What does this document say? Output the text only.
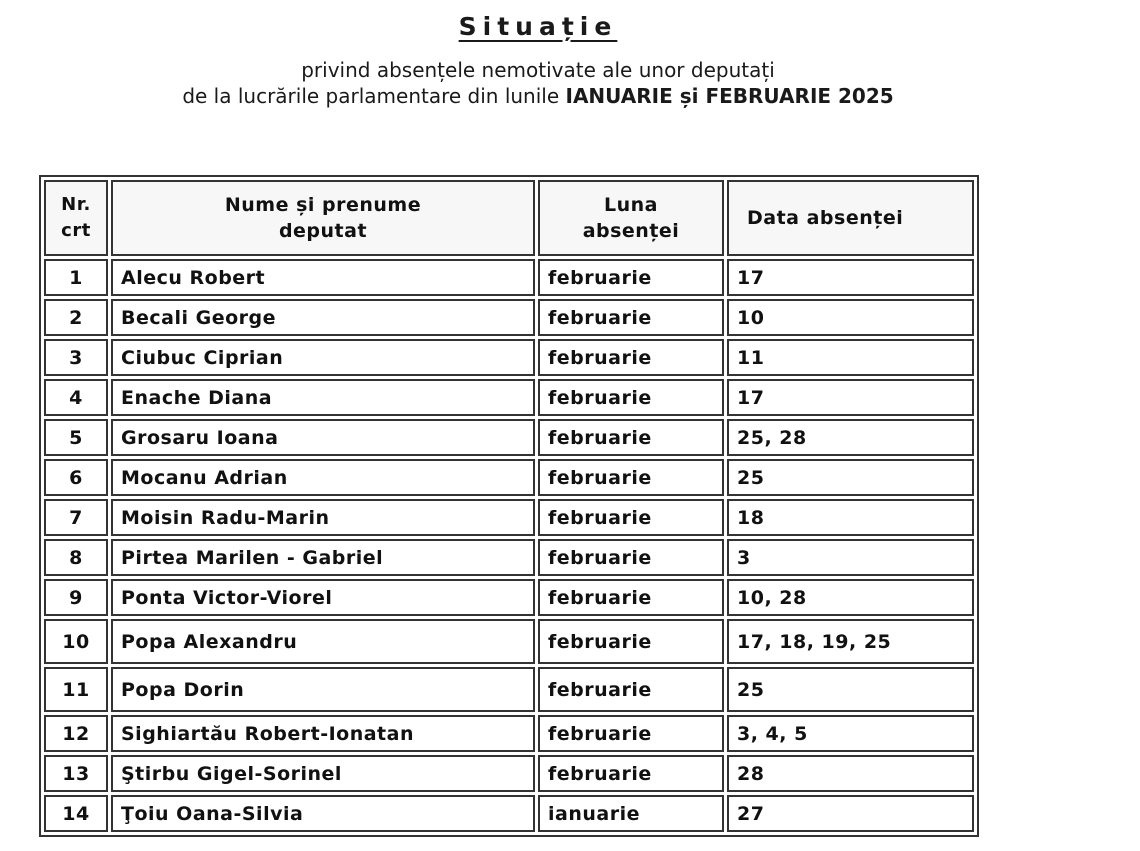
Situație
privind absențele nemotivate ale unor deputați
de la lucrările parlamentare din lunile IANUARIE și FEBRUARIE 2025
Nr. crt	Nume și prenume deputat	Luna absenței	Data absenței
1	Alecu Robert	februarie	17
2	Becali George	februarie	10
3	Ciubuc Ciprian	februarie	11
4	Enache Diana	februarie	17
5	Grosaru Ioana	februarie	25, 28
6	Mocanu Adrian	februarie	25
7	Moisin Radu-Marin	februarie	18
8	Pirtea Marilen - Gabriel	februarie	3
9	Ponta Victor-Viorel	februarie	10, 28
10	Popa Alexandru	februarie	17, 18, 19, 25
11	Popa Dorin	februarie	25
12	Sighiartău Robert-Ionatan	februarie	3, 4, 5
13	Ştirbu Gigel-Sorinel	februarie	28
14	Ţoiu Oana-Silvia	ianuarie	27
